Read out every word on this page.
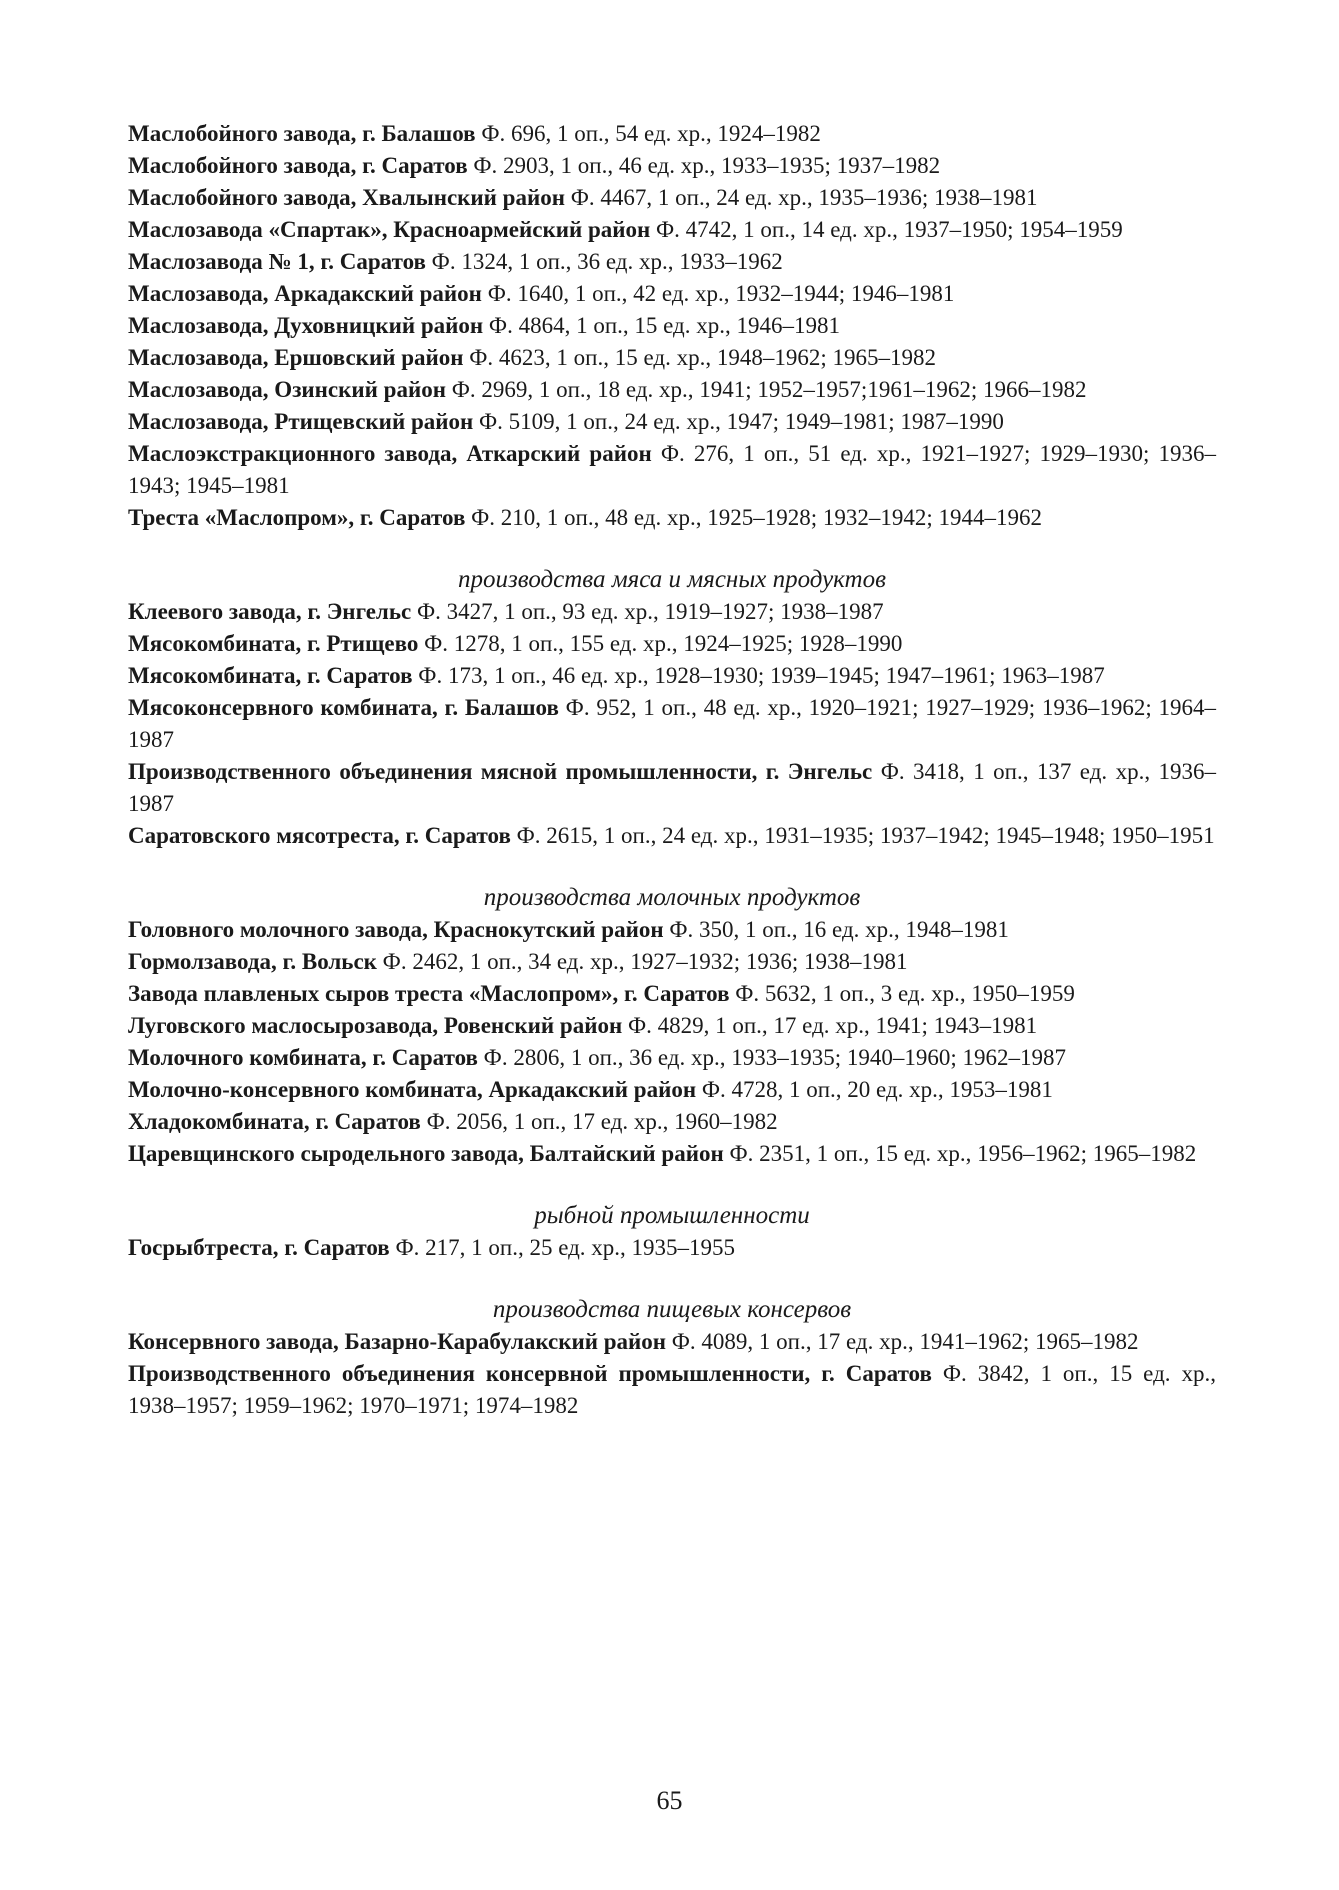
Маслобойного завода, г. Балашов Ф. 696, 1 оп., 54 ед. хр., 1924–1982

Маслобойного завода, г. Саратов Ф. 2903, 1 оп., 46 ед. хр., 1933–1935; 1937–1982

Маслобойного завода, Хвалынский район Ф. 4467, 1 оп., 24 ед. хр., 1935–1936; 1938–1981

Маслозавода «Спартак», Красноармейский район Ф. 4742, 1 оп., 14 ед. хр., 1937–1950; 1954–1959

Маслозавода № 1, г. Саратов Ф. 1324, 1 оп., 36 ед. хр., 1933–1962

Маслозавода, Аркадакский район Ф. 1640, 1 оп., 42 ед. хр., 1932–1944; 1946–1981

Маслозавода, Духовницкий район Ф. 4864, 1 оп., 15 ед. хр., 1946–1981

Маслозавода, Ершовский район Ф. 4623, 1 оп., 15 ед. хр., 1948–1962; 1965–1982

Маслозавода, Озинский район Ф. 2969, 1 оп., 18 ед. хр., 1941; 1952–1957;1961–1962; 1966–1982

Маслозавода, Ртищевский район Ф. 5109, 1 оп., 24 ед. хр., 1947; 1949–1981; 1987–1990

Маслоэкстракционного завода, Аткарский район Ф. 276, 1 оп., 51 ед. хр., 1921–1927; 1929–1930; 1936–1943; 1945–1981

Треста «Маслопром», г. Саратов Ф. 210, 1 оп., 48 ед. хр., 1925–1928; 1932–1942; 1944–1962

производства мяса и мясных продуктов

Клеевого завода, г. Энгельс Ф. 3427, 1 оп., 93 ед. хр., 1919–1927; 1938–1987

Мясокомбината, г. Ртищево Ф. 1278, 1 оп., 155 ед. хр., 1924–1925; 1928–1990

Мясокомбината, г. Саратов Ф. 173, 1 оп., 46 ед. хр., 1928–1930; 1939–1945; 1947–1961; 1963–1987

Мясоконсервного комбината, г. Балашов Ф. 952, 1 оп., 48 ед. хр., 1920–1921; 1927–1929; 1936–1962; 1964–1987

Производственного объединения мясной промышленности, г. Энгельс Ф. 3418, 1 оп., 137 ед. хр., 1936–1987

Саратовского мясотреста, г. Саратов Ф. 2615, 1 оп., 24 ед. хр., 1931–1935; 1937–1942; 1945–1948; 1950–1951

производства молочных продуктов

Головного молочного завода, Краснокутский район Ф. 350, 1 оп., 16 ед. хр., 1948–1981

Гормолзавода, г. Вольск Ф. 2462, 1 оп., 34 ед. хр., 1927–1932; 1936; 1938–1981

Завода плавленых сыров треста «Маслопром», г. Саратов Ф. 5632, 1 оп., 3 ед. хр., 1950–1959

Луговского маслосырозавода, Ровенский район Ф. 4829, 1 оп., 17 ед. хр., 1941; 1943–1981

Молочного комбината, г. Саратов Ф. 2806, 1 оп., 36 ед. хр., 1933–1935; 1940–1960; 1962–1987

Молочно-консервного комбината, Аркадакский район Ф. 4728, 1 оп., 20 ед. хр., 1953–1981

Хладокомбината, г. Саратов Ф. 2056, 1 оп., 17 ед. хр., 1960–1982

Царевщинского сыродельного завода, Балтайский район Ф. 2351, 1 оп., 15 ед. хр., 1956–1962; 1965–1982

рыбной промышленности

Госрыбтреста, г. Саратов Ф. 217, 1 оп., 25 ед. хр., 1935–1955

производства пищевых консервов

Консервного завода, Базарно-Карабулакский район Ф. 4089, 1 оп., 17 ед. хр., 1941–1962; 1965–1982

Производственного объединения консервной промышленности, г. Саратов Ф. 3842, 1 оп., 15 ед. хр., 1938–1957; 1959–1962; 1970–1971; 1974–1982

65
